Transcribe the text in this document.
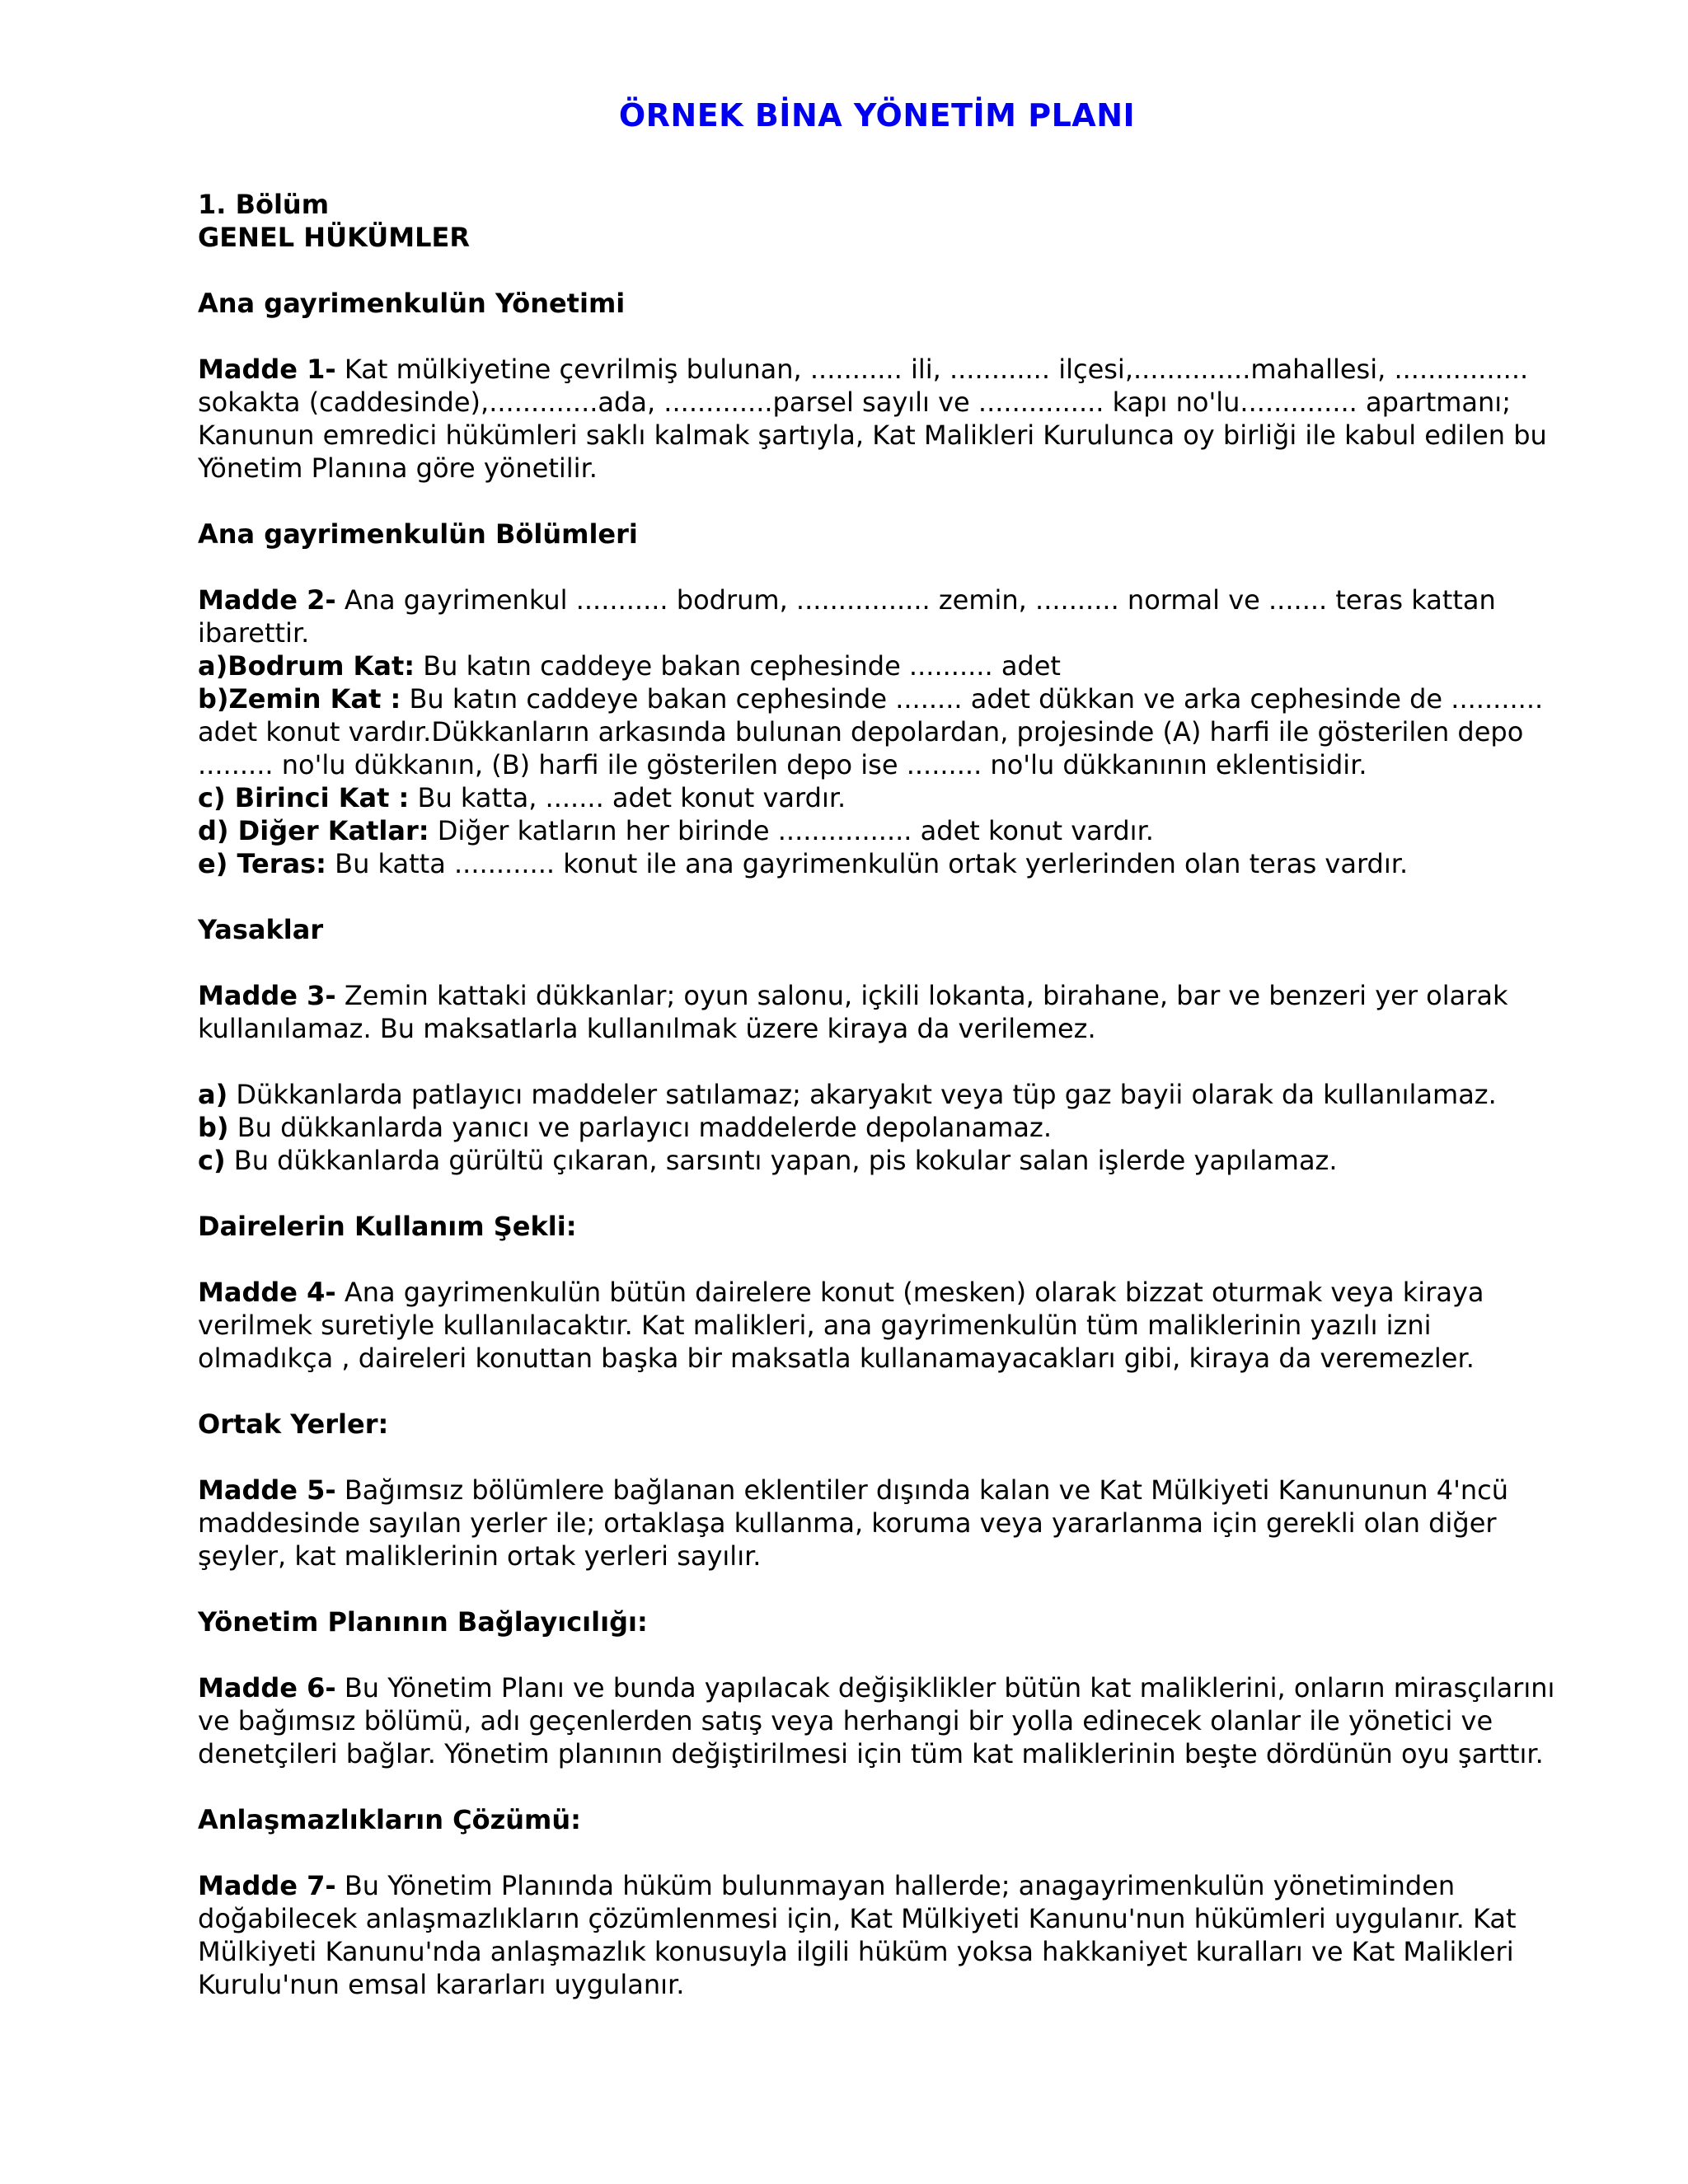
ÖRNEK BİNA YÖNETİM PLANI
1. Bölüm
GENEL HÜKÜMLER
Ana gayrimenkulün Yönetimi

Madde 1- Kat mülkiyetine çevrilmiş bulunan, ........... ili, ............ ilçesi,..............mahallesi, ................ sokakta (caddesinde),.............ada, .............parsel sayılı ve ............... kapı no'lu.............. apartmanı; Kanunun emredici hükümleri saklı kalmak şartıyla, Kat Malikleri Kurulunca oy birliği ile kabul edilen bu Yönetim Planına göre yönetilir.

Ana gayrimenkulün Bölümleri

Madde 2- Ana gayrimenkul ........... bodrum, ................ zemin, .......... normal ve ....... teras kattan ibarettir.

a)Bodrum Kat: Bu katın caddeye bakan cephesinde .......... adet

b)Zemin Kat : Bu katın caddeye bakan cephesinde ........ adet dükkan ve arka cephesinde de ........... adet konut vardır.Dükkanların arkasında bulunan depolardan, projesinde (A) harfi ile gösterilen depo ......... no'lu dükkanın, (B) harfi ile gösterilen depo ise ......... no'lu dükkanının eklentisidir.

c) Birinci Kat : Bu katta, ....... adet konut vardır.

d) Diğer Katlar: Diğer katların her birinde ................ adet konut vardır.

e) Teras: Bu katta ............ konut ile ana gayrimenkulün ortak yerlerinden olan teras vardır.

Yasaklar

Madde 3- Zemin kattaki dükkanlar; oyun salonu, içkili lokanta, birahane, bar ve benzeri yer olarak kullanılamaz. Bu maksatlarla kullanılmak üzere kiraya da verilemez.

a) Dükkanlarda patlayıcı maddeler satılamaz; akaryakıt veya tüp gaz bayii olarak da kullanılamaz.

b) Bu dükkanlarda yanıcı ve parlayıcı maddelerde depolanamaz.

c) Bu dükkanlarda gürültü çıkaran, sarsıntı yapan, pis kokular salan işlerde yapılamaz.

Dairelerin Kullanım Şekli:

Madde 4- Ana gayrimenkulün bütün dairelere konut (mesken) olarak bizzat oturmak veya kiraya verilmek suretiyle kullanılacaktır. Kat malikleri, ana gayrimenkulün tüm maliklerinin yazılı izni olmadıkça , daireleri konuttan başka bir maksatla kullanamayacakları gibi, kiraya da veremezler.

Ortak Yerler:

Madde 5- Bağımsız bölümlere bağlanan eklentiler dışında kalan ve Kat Mülkiyeti Kanununun 4'ncü maddesinde sayılan yerler ile; ortaklaşa kullanma, koruma veya yararlanma için gerekli olan diğer şeyler, kat maliklerinin ortak yerleri sayılır.

Yönetim Planının Bağlayıcılığı:

Madde 6- Bu Yönetim Planı ve bunda yapılacak değişiklikler bütün kat maliklerini, onların mirasçılarını ve bağımsız bölümü, adı geçenlerden satış veya herhangi bir yolla edinecek olanlar ile yönetici ve denetçileri bağlar. Yönetim planının değiştirilmesi için tüm kat maliklerinin beşte dördünün oyu şarttır.

Anlaşmazlıkların Çözümü:

Madde 7- Bu Yönetim Planında hüküm bulunmayan hallerde; anagayrimenkulün yönetiminden doğabilecek anlaşmazlıkların çözümlenmesi için, Kat Mülkiyeti Kanunu'nun hükümleri uygulanır. Kat Mülkiyeti Kanunu'nda anlaşmazlık konusuyla ilgili hüküm yoksa hakkaniyet kuralları ve Kat Malikleri Kurulu'nun emsal kararları uygulanır.
